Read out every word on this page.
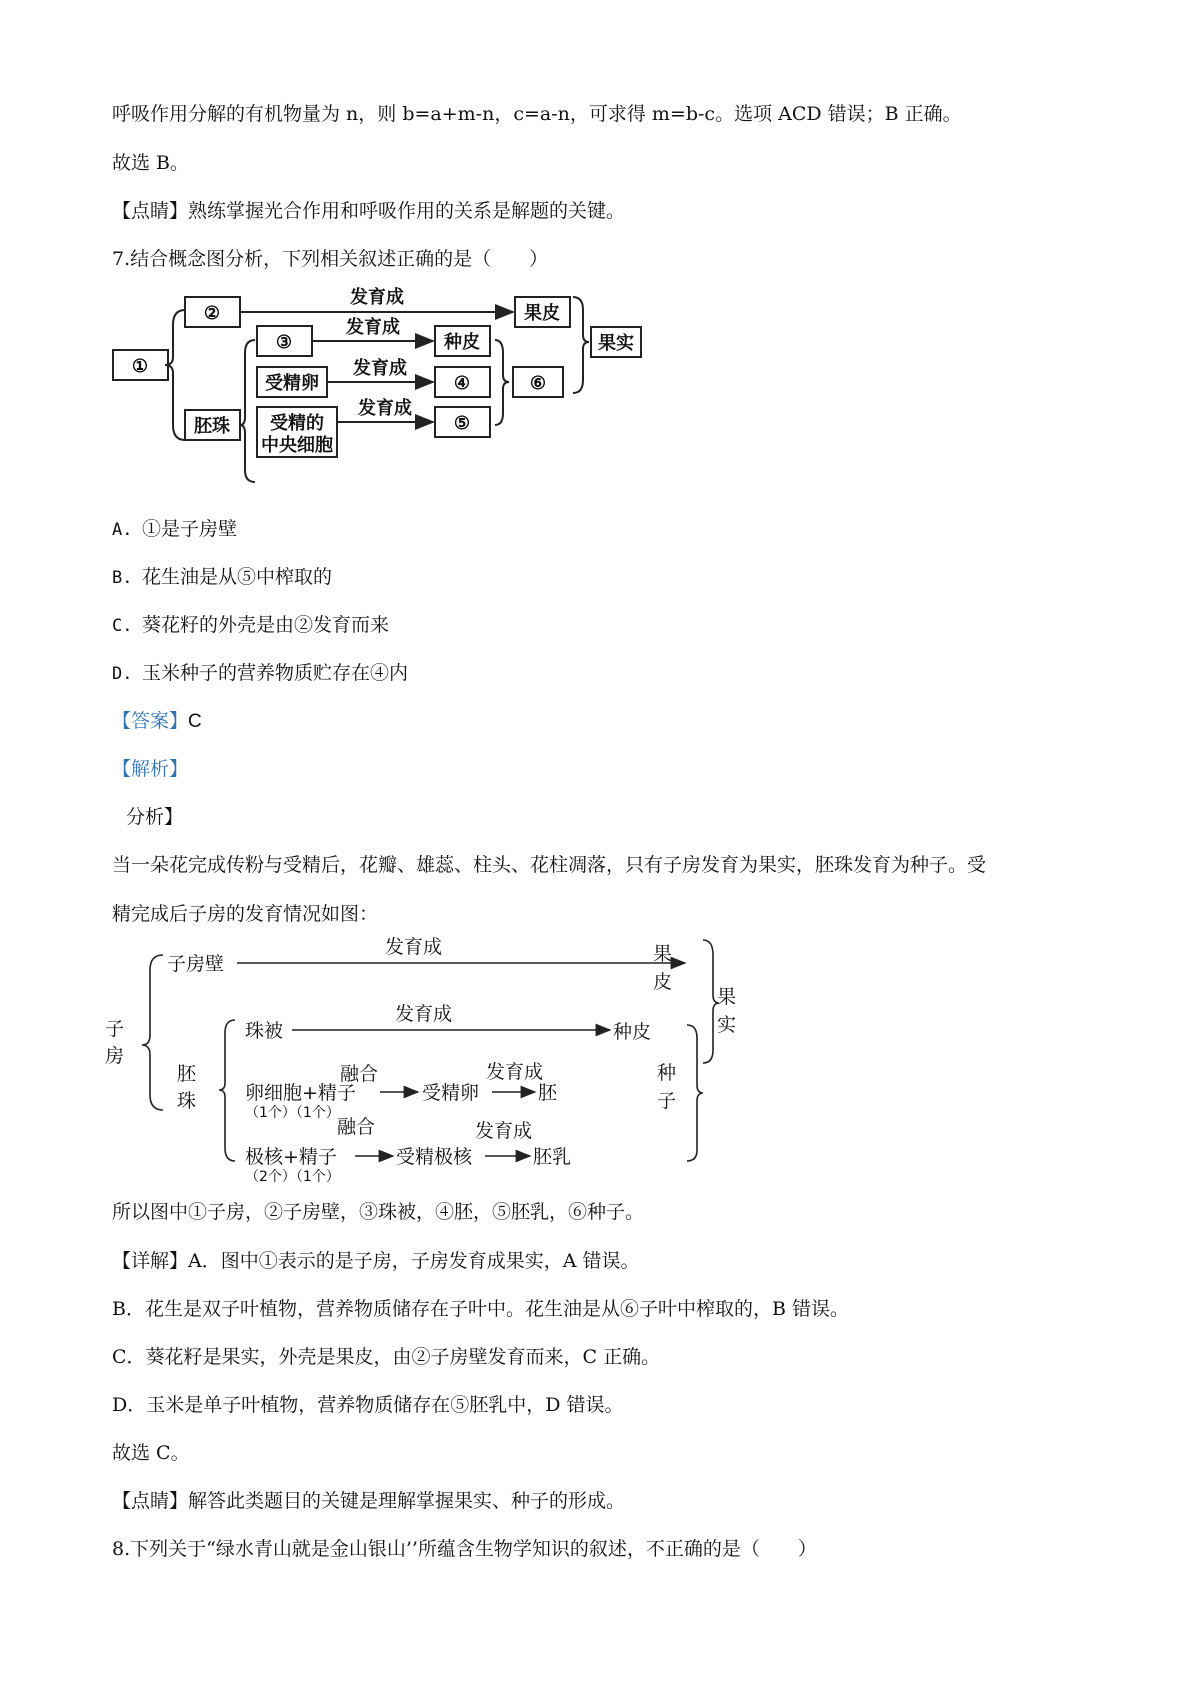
呼吸作用分解的有机物量为 n，则 b=a+m-n，c=a-n，可求得 m=b-c。选项 ACD 错误；B 正确。
故选 B。
【点睛】熟练掌握光合作用和呼吸作用的关系是解题的关键。
7.结合概念图分析，下列相关叙述正确的是（　　）
①
②	果皮
胚珠
③	种皮
受精卵	④
受精的
中央细胞
⑤
⑥
果实
发育成
发育成
发育成
发育成
A. ①是子房壁
B. 花生油是从⑤中榨取的
C. 葵花籽的外壳是由②发育而来
D. 玉米种子的营养物质贮存在④内
【答案】C
【解析】
分析】
当一朵花完成传粉与受精后，花瓣、雄蕊、柱头、花柱凋落，只有子房发育为果实，胚珠发育为种子。受
精完成后子房的发育情况如图：
子
房
子房壁
发育成	果
皮
果
实
胚
珠
珠被
发育成
种皮
卵细胞+精子
融合
受精卵
发育成
胚
极核+精子
融合
受精极核
发育成
胚乳
种
子
（1个）（1个）
（2个）（1个）
所以图中①子房，②子房壁，③珠被，④胚，⑤胚乳，⑥种子。
【详解】A．图中①表示的是子房，子房发育成果实，A 错误。
B．花生是双子叶植物，营养物质储存在子叶中。花生油是从⑥子叶中榨取的，B 错误。
C．葵花籽是果实，外壳是果皮，由②子房壁发育而来，C 正确。
D．玉米是单子叶植物，营养物质储存在⑤胚乳中，D 错误。
故选 C。
【点睛】解答此类题目的关键是理解掌握果实、种子的形成。
8.下列关于“绿水青山就是金山银山’’所蕴含生物学知识的叙述，不正确的是（　　）
